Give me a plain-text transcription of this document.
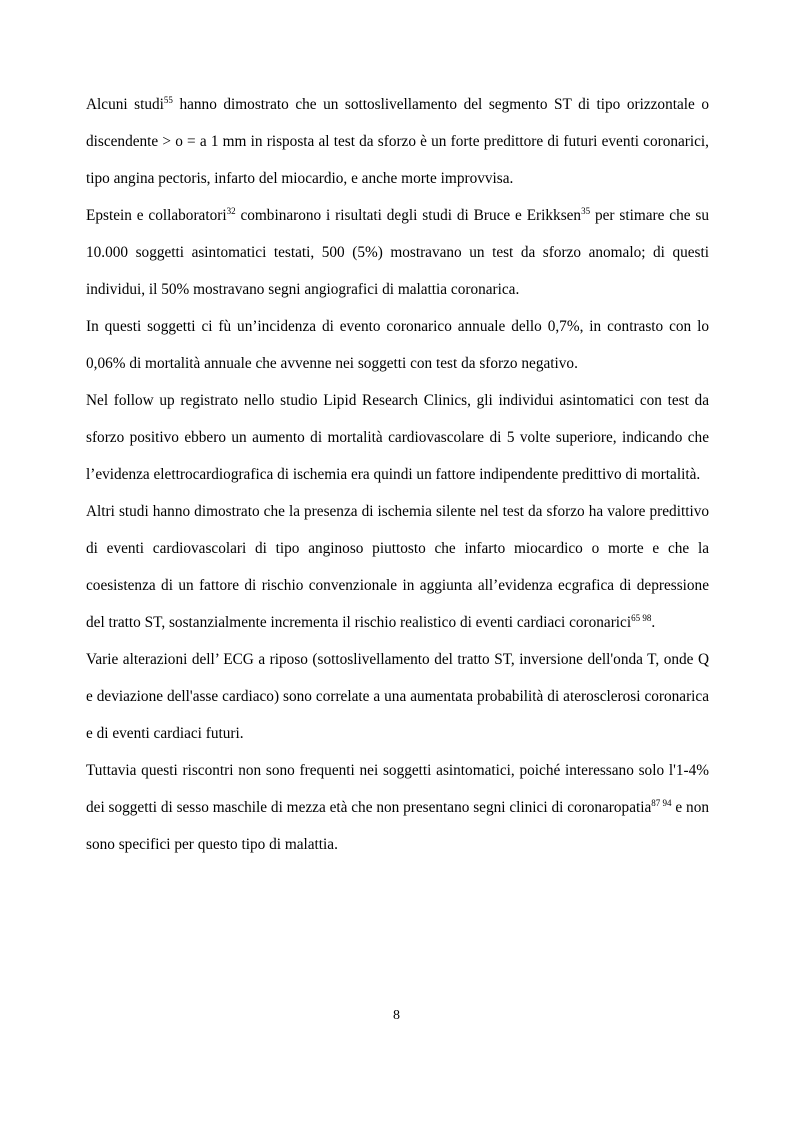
Alcuni studi$^{55}$ hanno dimostrato che un sottoslivellamento del segmento ST di tipo orizzontale o discendente > o = a 1 mm in risposta al test da sforzo è un forte predittore di futuri eventi coronarici, tipo angina pectoris, infarto del miocardio, e anche morte improvvisa.

Epstein e collaboratori$^{32}$ combinarono i risultati degli studi di Bruce e Erikksen$^{35}$ per stimare che su 10.000 soggetti asintomatici testati, 500 (5%) mostravano un test da sforzo anomalo; di questi individui, il 50% mostravano segni angiografici di malattia coronarica.

In questi soggetti ci fù un’incidenza di evento coronarico annuale dello 0,7%, in contrasto con lo 0,06% di mortalità annuale che avvenne nei soggetti con test da sforzo negativo.

Nel follow up registrato nello studio Lipid Research Clinics, gli individui asintomatici con test da sforzo positivo ebbero un aumento di mortalità cardiovascolare di 5 volte superiore, indicando che l’evidenza elettrocardiografica di ischemia era quindi un fattore indipendente predittivo di mortalità.

Altri studi hanno dimostrato che la presenza di ischemia silente nel test da sforzo ha valore predittivo di eventi cardiovascolari di tipo anginoso piuttosto che infarto miocardico o morte e che la coesistenza di un fattore di rischio convenzionale in aggiunta all’evidenza ecgrafica di depressione del tratto ST, sostanzialmente incrementa il rischio realistico di eventi cardiaci coronarici$^{65 98}$.

Varie alterazioni dell’ ECG a riposo (sottoslivellamento del tratto ST, inversione dell'onda T, onde Q e deviazione dell'asse cardiaco) sono correlate a una aumentata probabilità di aterosclerosi coronarica e di eventi cardiaci futuri.

Tuttavia questi riscontri non sono frequenti nei soggetti asintomatici, poiché interessano solo l'1-4% dei soggetti di sesso maschile di mezza età che non presentano segni clinici di coronaropatia$^{87 94}$ e non sono specifici per questo tipo di malattia.

8
